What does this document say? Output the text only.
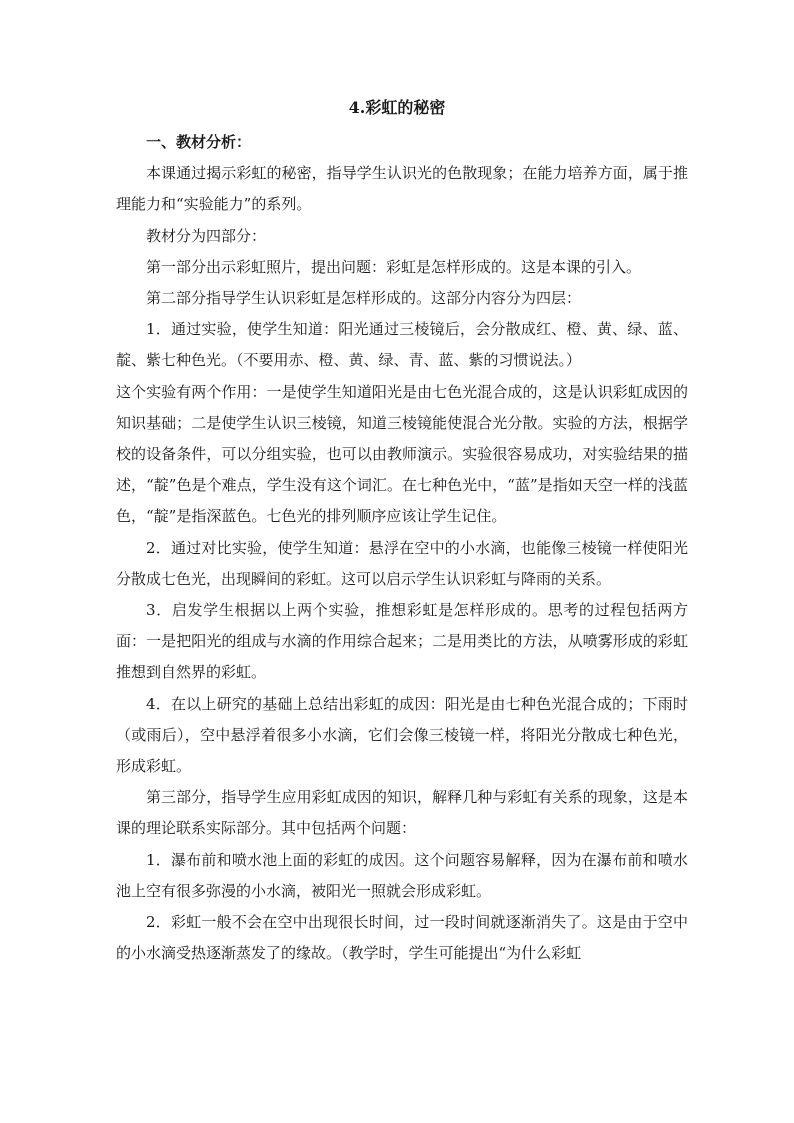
4.彩虹的秘密

一、教材分析：

本课通过揭示彩虹的秘密，指导学生认识光的色散现象；在能力培养方面，属于推理能力和“实验能力”的系列。

教材分为四部分：

第一部分出示彩虹照片，提出问题：彩虹是怎样形成的。这是本课的引入。

第二部分指导学生认识彩虹是怎样形成的。这部分内容分为四层：

1．通过实验，使学生知道：阳光通过三棱镜后，会分散成红、橙、黄、绿、蓝、靛、紫七种色光。（不要用赤、橙、黄、绿、青、蓝、紫的习惯说法。）

这个实验有两个作用：一是使学生知道阳光是由七色光混合成的，这是认识彩虹成因的知识基础；二是使学生认识三棱镜，知道三棱镜能使混合光分散。实验的方法，根据学校的设备条件，可以分组实验，也可以由教师演示。实验很容易成功，对实验结果的描述，“靛”色是个难点，学生没有这个词汇。在七种色光中，“蓝”是指如天空一样的浅蓝色，“靛”是指深蓝色。七色光的排列顺序应该让学生记住。

2．通过对比实验，使学生知道：悬浮在空中的小水滴，也能像三棱镜一样使阳光分散成七色光，出现瞬间的彩虹。这可以启示学生认识彩虹与降雨的关系。

3．启发学生根据以上两个实验，推想彩虹是怎样形成的。思考的过程包括两方面：一是把阳光的组成与水滴的作用综合起来；二是用类比的方法，从喷雾形成的彩虹推想到自然界的彩虹。

4．在以上研究的基础上总结出彩虹的成因：阳光是由七种色光混合成的；下雨时（或雨后），空中悬浮着很多小水滴，它们会像三棱镜一样，将阳光分散成七种色光，形成彩虹。

第三部分，指导学生应用彩虹成因的知识，解释几种与彩虹有关系的现象，这是本课的理论联系实际部分。其中包括两个问题：

1．瀑布前和喷水池上面的彩虹的成因。这个问题容易解释，因为在瀑布前和喷水池上空有很多弥漫的小水滴，被阳光一照就会形成彩虹。

2．彩虹一般不会在空中出现很长时间，过一段时间就逐渐消失了。这是由于空中的小水滴受热逐渐蒸发了的缘故。（教学时，学生可能提出“为什么彩虹
